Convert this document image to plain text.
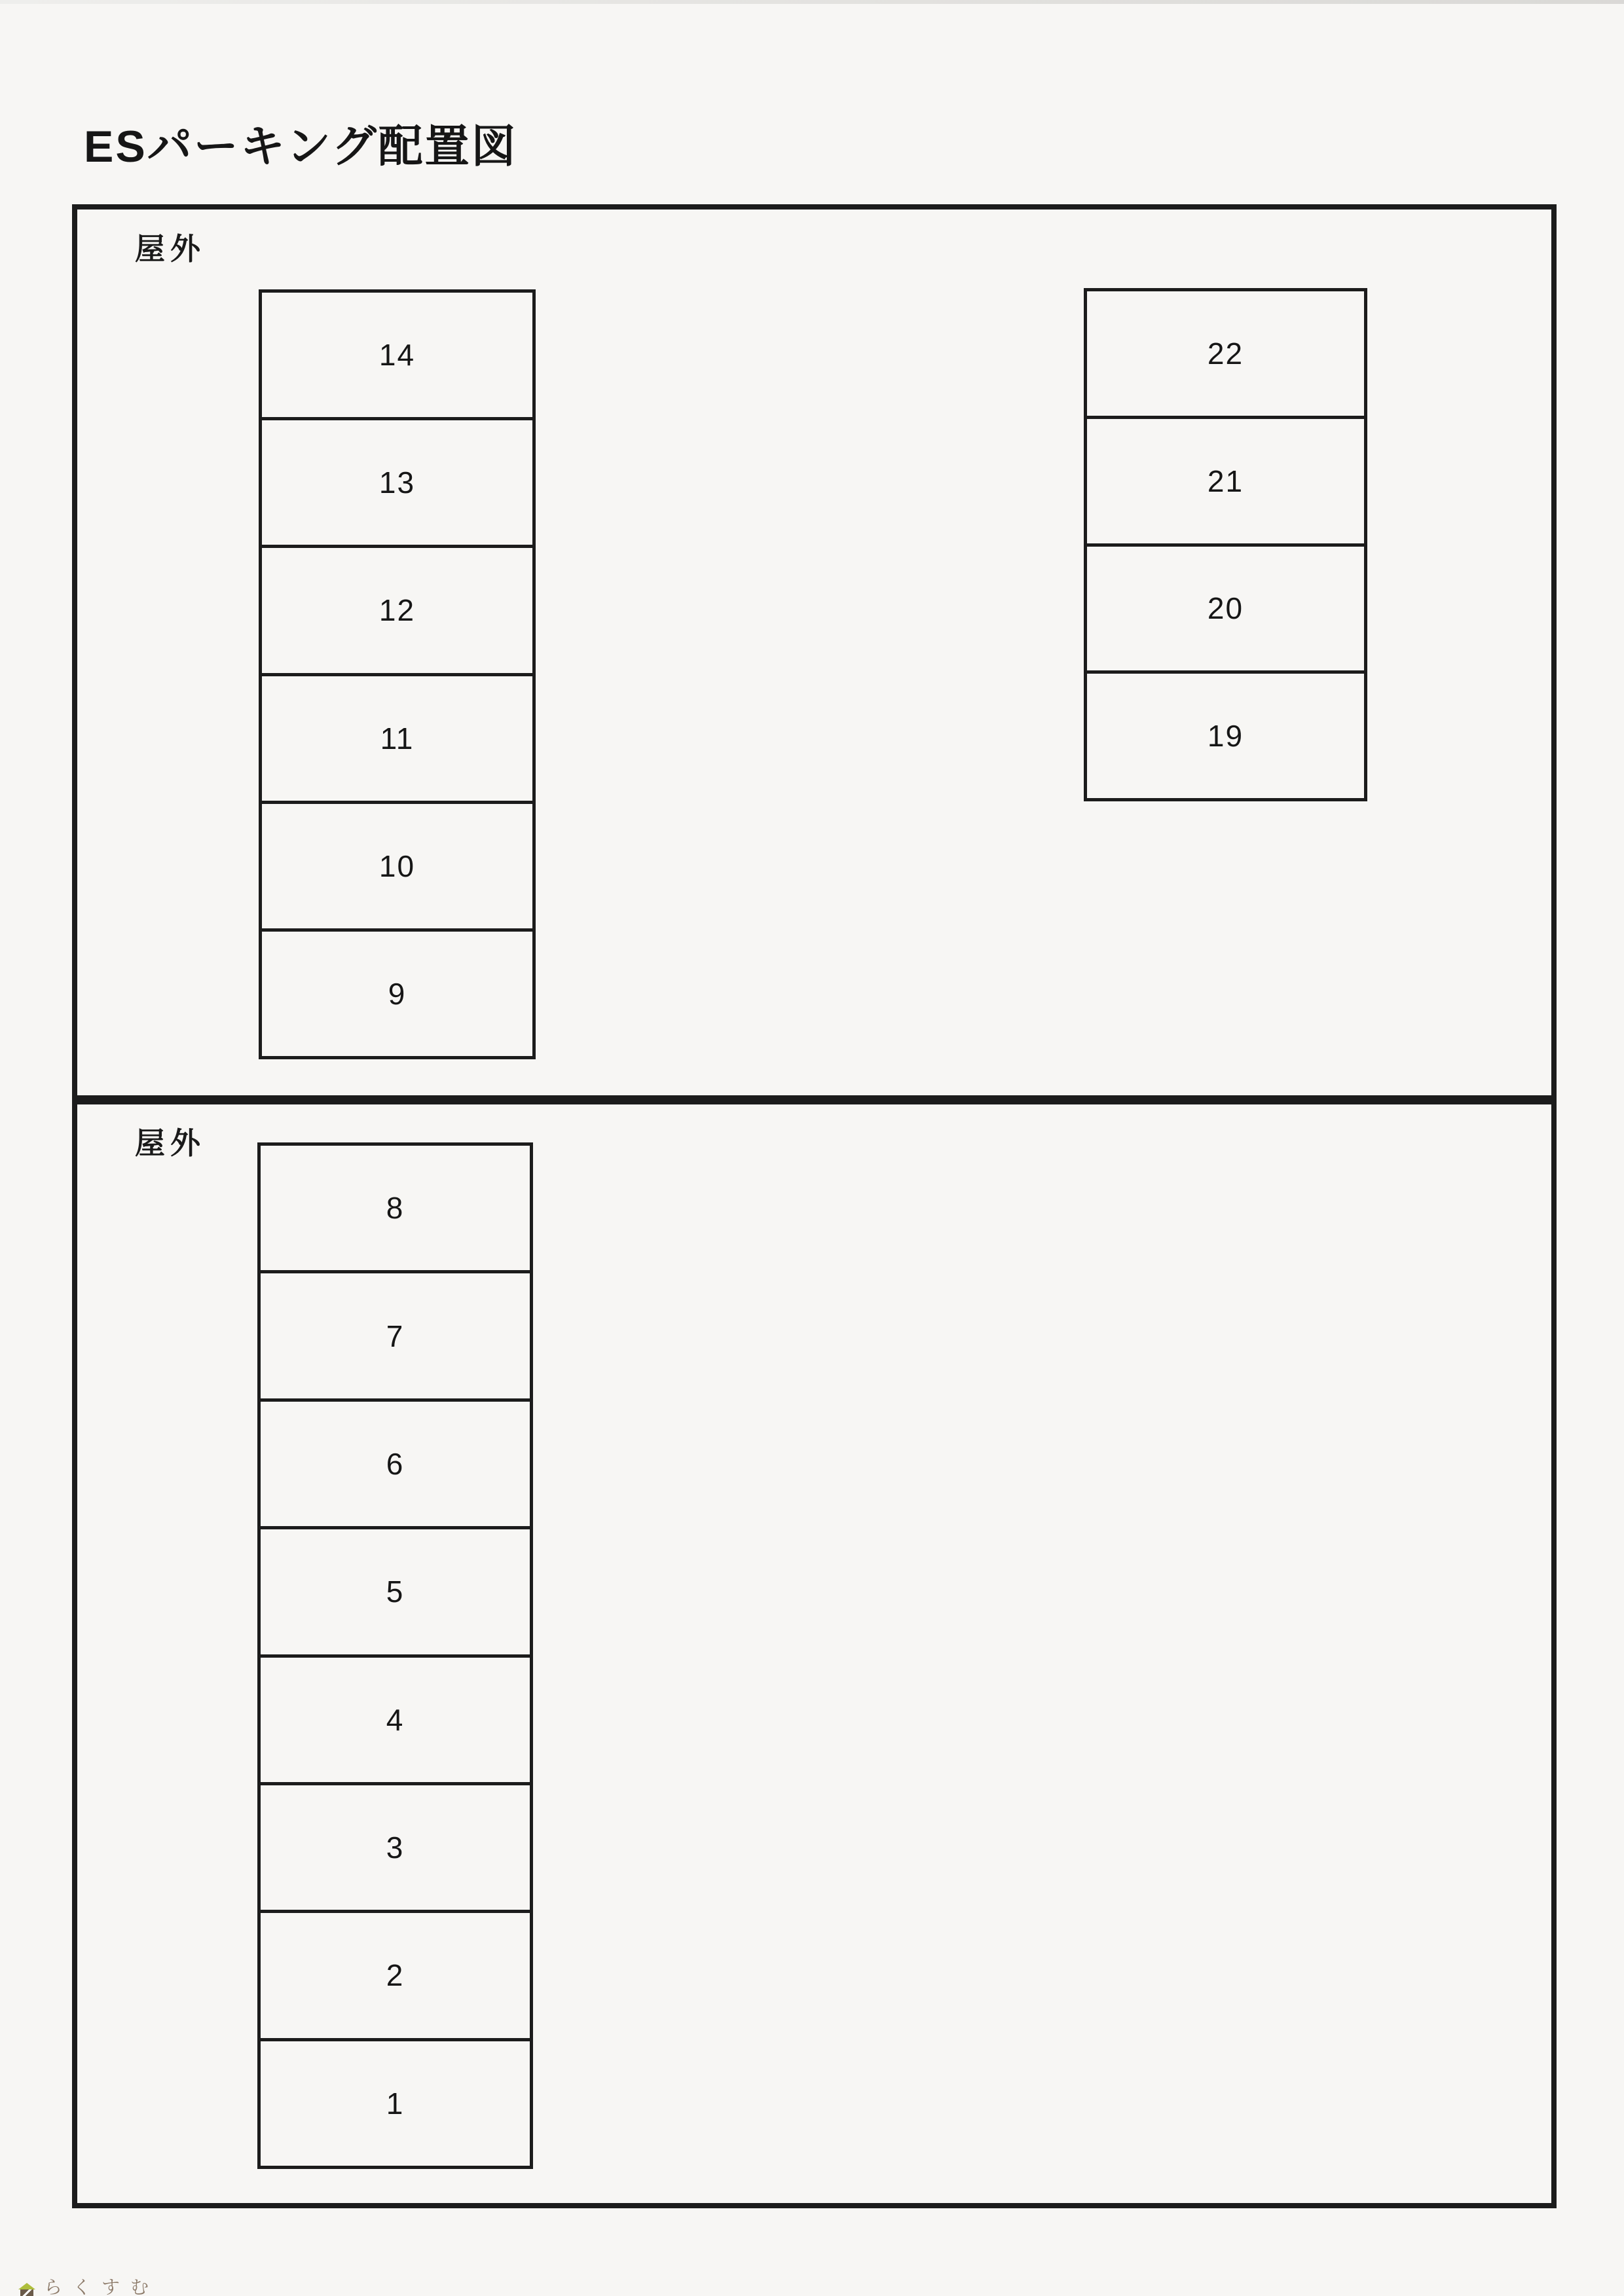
ESパーキング配置図
屋外
14
13
12
11
10
9
22
21
20
19
屋外
8
7
6
5
4
3
2
1
らくすむ
